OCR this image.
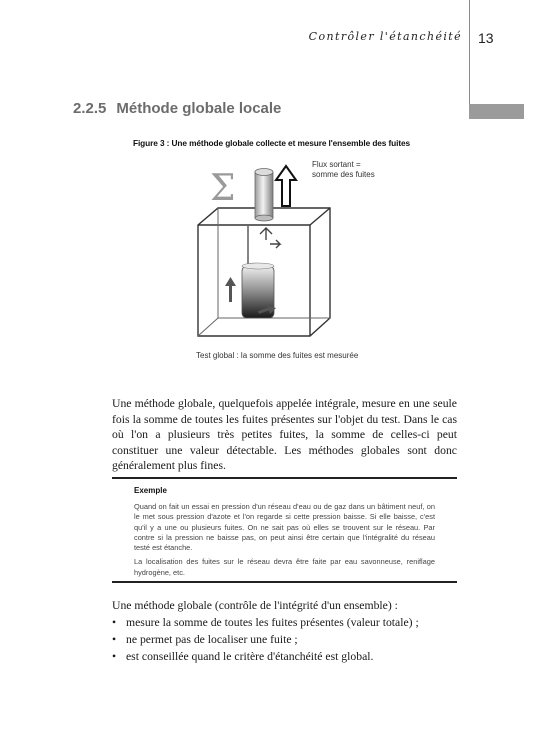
Contrôler l'étanchéité 13
2.2.5 Méthode globale locale
Figure 3 : Une méthode globale collecte et mesure l'ensemble des fuites
Σ
Flux sortant = somme des fuites
Test global : la somme des fuites est mesurée
Une méthode globale, quelquefois appelée intégrale, mesure en une seule fois la somme de toutes les fuites présentes sur l'objet du test. Dans le cas où l'on a plusieurs très petites fuites, la somme de celles-ci peut constituer une valeur détectable. Les méthodes globales sont donc généralement plus fines.
Exemple

Quand on fait un essai en pression d'un réseau d'eau ou de gaz dans un bâtiment neuf, on le met sous pression d'azote et l'on regarde si cette pression baisse. Si elle baisse, c'est qu'il y a une ou plusieurs fuites. On ne sait pas où elles se trouvent sur le réseau. Par contre si la pression ne baisse pas, on peut ainsi être certain que l'intégralité du réseau testé est étanche.

La localisation des fuites sur le réseau devra être faite par eau savonneuse, reniflage hydrogène, etc.

Une méthode globale (contrôle de l'intégrité d'un ensemble) :
• mesure la somme de toutes les fuites présentes (valeur totale) ;
• ne permet pas de localiser une fuite ;
• est conseillée quand le critère d'étanchéité est global.
